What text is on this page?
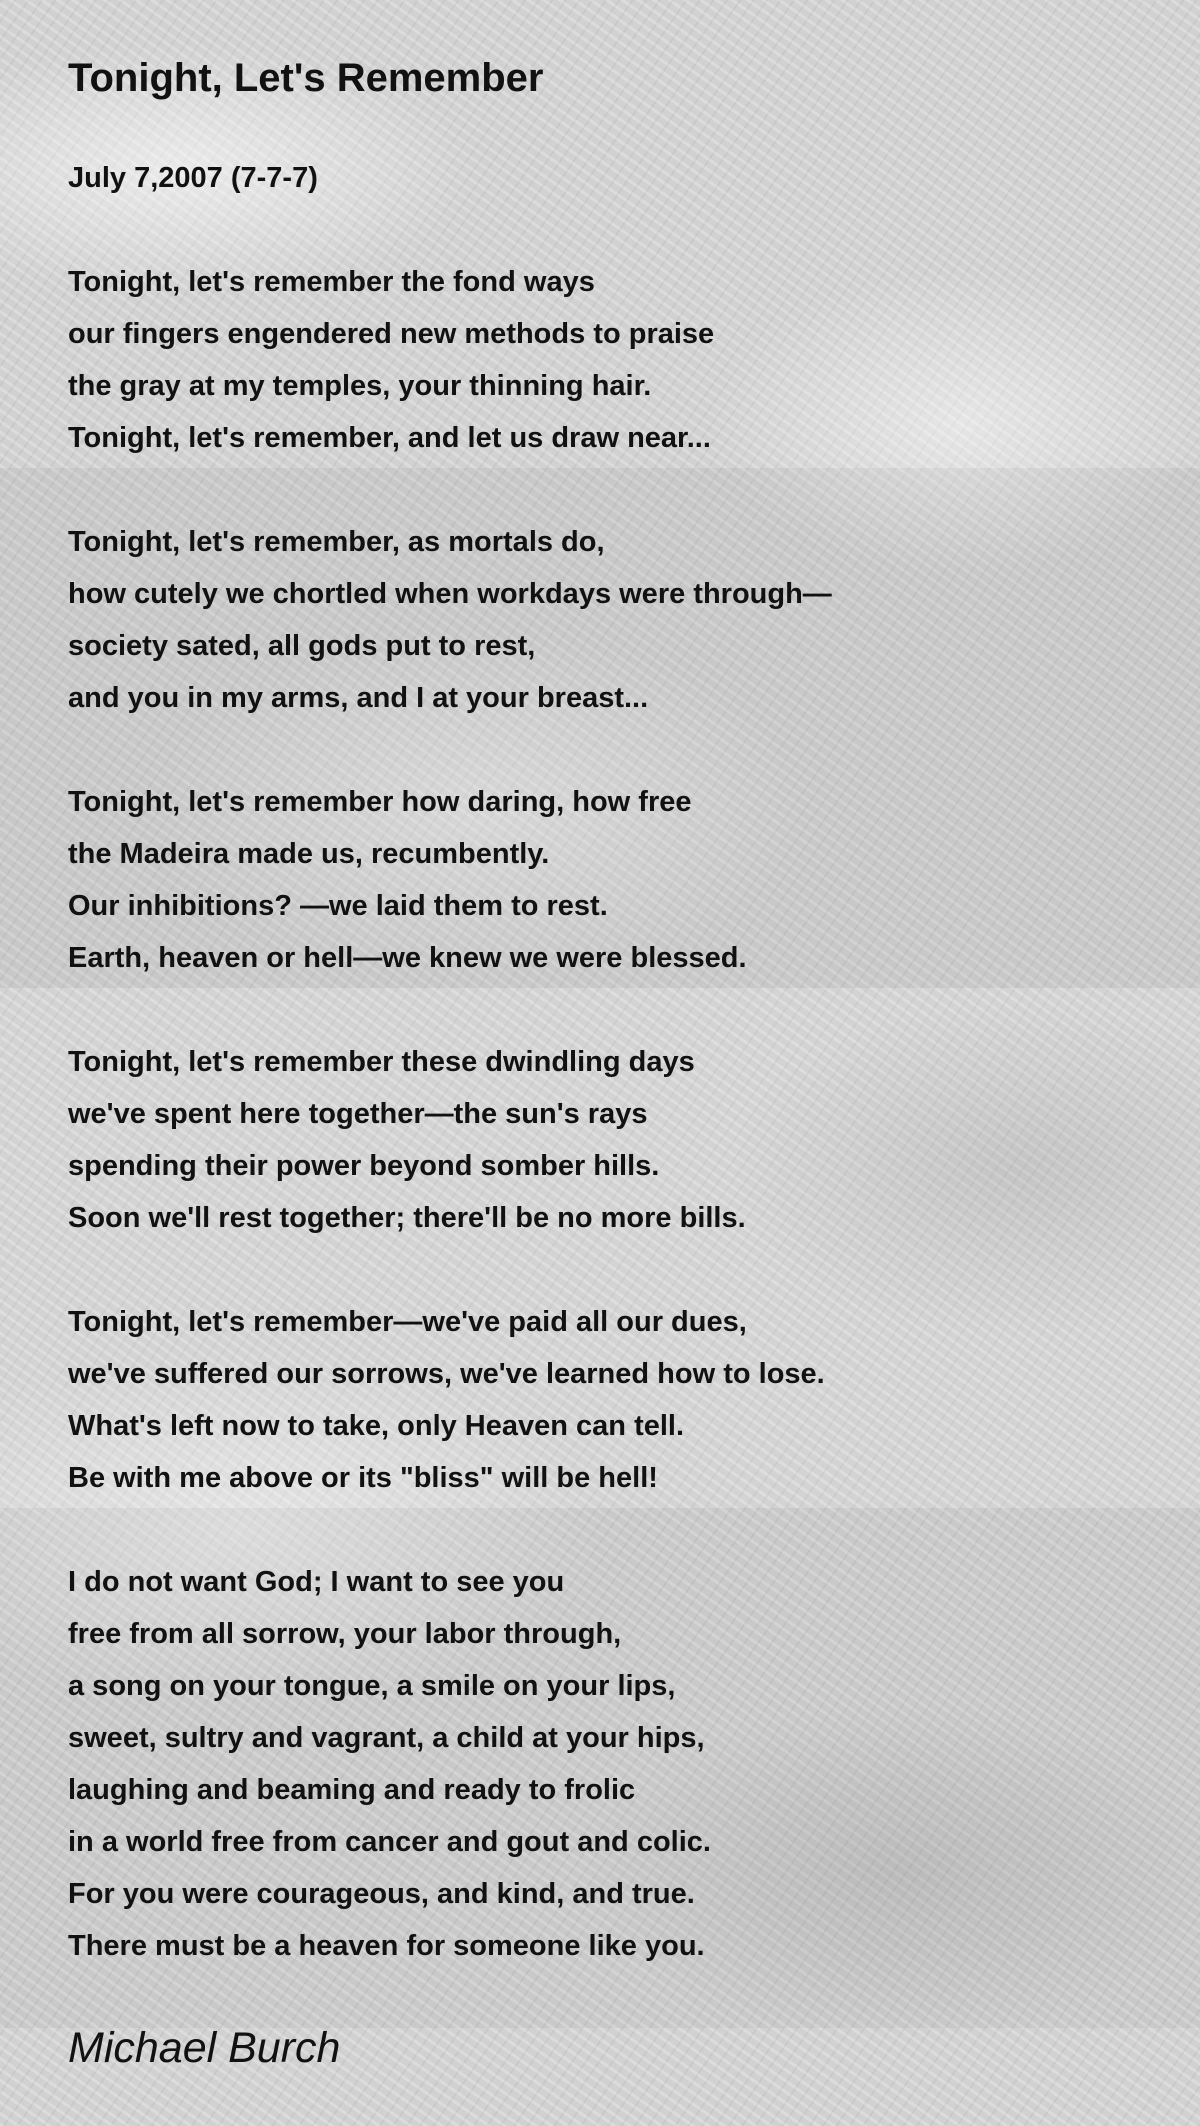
Tonight, Let's Remember
July 7,2007 (7-7-7)
Tonight, let's remember the fond ways
our fingers engendered new methods to praise
the gray at my temples, your thinning hair.
Tonight, let's remember, and let us draw near...
Tonight, let's remember, as mortals do,
how cutely we chortled when workdays were through—
society sated, all gods put to rest,
and you in my arms, and I at your breast...
Tonight, let's remember how daring, how free
the Madeira made us, recumbently.
Our inhibitions? —we laid them to rest.
Earth, heaven or hell—we knew we were blessed.
Tonight, let's remember these dwindling days
we've spent here together—the sun's rays
spending their power beyond somber hills.
Soon we'll rest together; there'll be no more bills.
Tonight, let's remember—we've paid all our dues,
we've suffered our sorrows, we've learned how to lose.
What's left now to take, only Heaven can tell.
Be with me above or its "bliss" will be hell!
I do not want God; I want to see you
free from all sorrow, your labor through,
a song on your tongue, a smile on your lips,
sweet, sultry and vagrant, a child at your hips,
laughing and beaming and ready to frolic
in a world free from cancer and gout and colic.
For you were courageous, and kind, and true.
There must be a heaven for someone like you.
Michael Burch
